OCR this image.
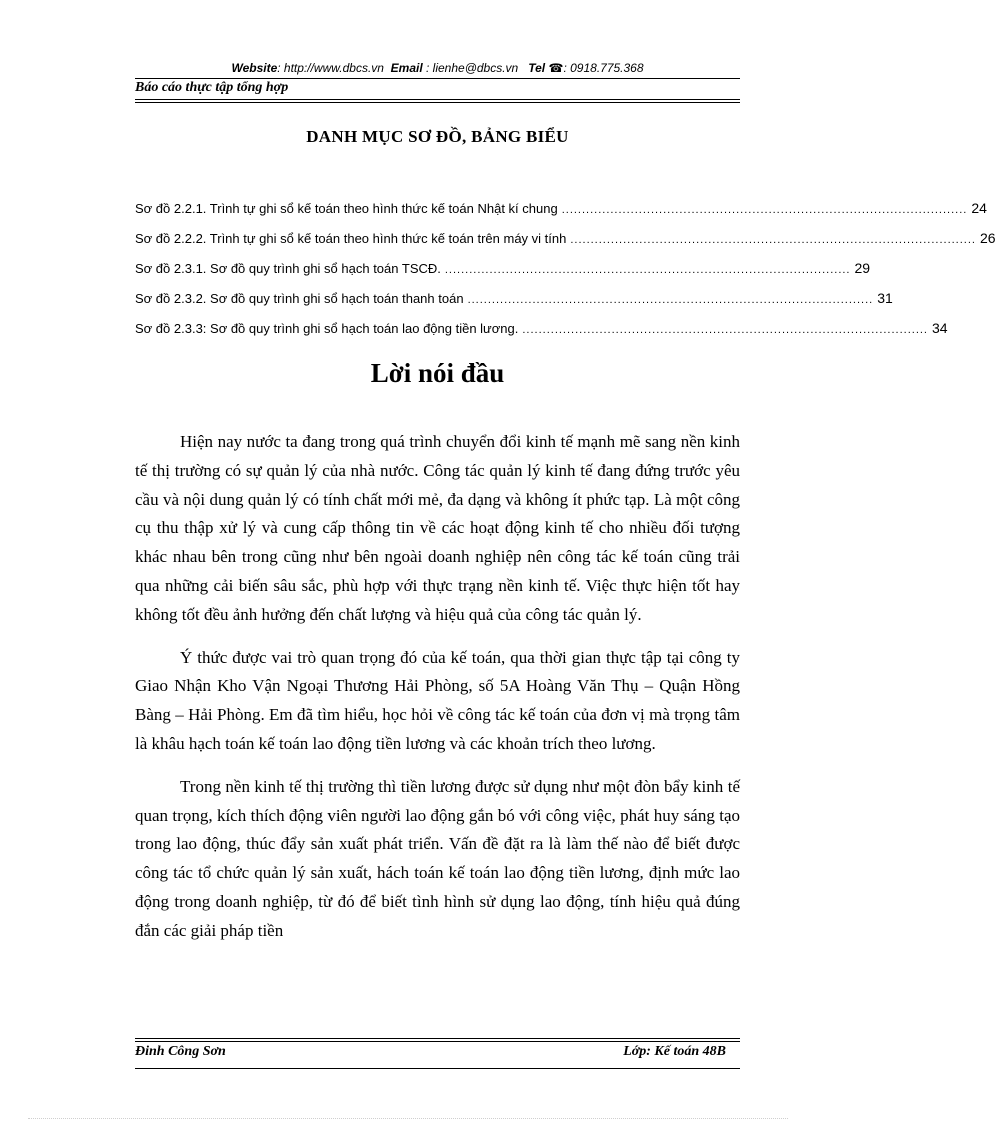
Website: http://www.dbcs.vn Email : lienhe@dbcs.vn Tel ☎: 0918.775.368
Báo cáo thực tập tổng hợp
DANH MỤC SƠ ĐỒ, BẢNG BIỂU
Sơ đồ 2.2.1. Trình tự ghi sổ kế toán theo hình thức kế toán Nhật kí chung .................................................................................................... 24
Sơ đồ 2.2.2. Trình tự ghi sổ kế toán theo hình thức kế toán trên máy vi tính .................................................................................................... 26
Sơ đồ 2.3.1. Sơ đồ quy trình ghi sổ hạch toán TSCĐ. .................................................................................................... 29
Sơ đồ 2.3.2. Sơ đồ quy trình ghi sổ hạch toán thanh toán .................................................................................................... 31
Sơ đồ 2.3.3: Sơ đồ quy trình ghi sổ hạch toán lao động tiền lương. .................................................................................................... 34
Lời nói đầu

Hiện nay nước ta đang trong quá trình chuyển đổi kinh tế mạnh mẽ sang nền kinh tế thị trường có sự quản lý của nhà nước. Công tác quản lý kinh tế đang đứng trước yêu cầu và nội dung quản lý có tính chất mới mẻ, đa dạng và không ít phức tạp. Là một công cụ thu thập xử lý và cung cấp thông tin về các hoạt động kinh tế cho nhiều đối tượng khác nhau bên trong cũng như bên ngoài doanh nghiệp nên công tác kế toán cũng trải qua những cải biến sâu sắc, phù hợp với thực trạng nền kinh tế. Việc thực hiện tốt hay không tốt đều ảnh hưởng đến chất lượng và hiệu quả của công tác quản lý.

Ý thức được vai trò quan trọng đó của kế toán, qua thời gian thực tập tại công ty Giao Nhận Kho Vận Ngoại Thương Hải Phòng, số 5A Hoàng Văn Thụ – Quận Hồng Bàng – Hải Phòng. Em đã tìm hiểu, học hỏi về công tác kế toán của đơn vị mà trọng tâm là khâu hạch toán kế toán lao động tiền lương và các khoản trích theo lương.

Trong nền kinh tế thị trường thì tiền lương được sử dụng như một đòn bẩy kinh tế quan trọng, kích thích động viên người lao động gắn bó với công việc, phát huy sáng tạo trong lao động, thúc đẩy sản xuất phát triển. Vấn đề đặt ra là làm thế nào để biết được công tác tổ chức quản lý sản xuất, hách toán kế toán lao động tiền lương, định mức lao động trong doanh nghiệp, từ đó để biết tình hình sử dụng lao động, tính hiệu quả đúng đắn các giải pháp tiền

Đinh Công Sơn	Lớp: Kế toán 48B
